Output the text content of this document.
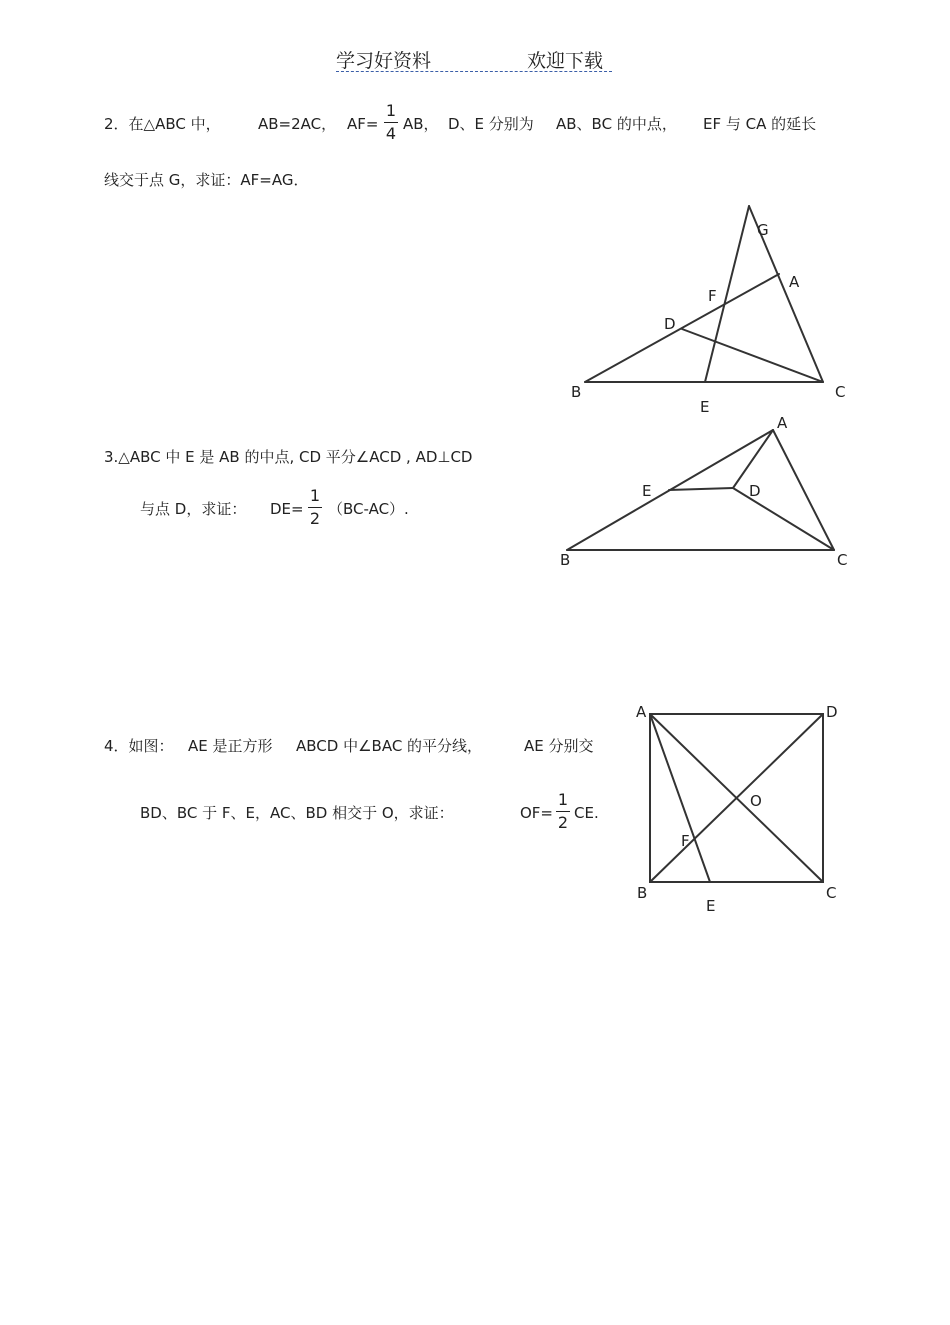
学习好资料	欢迎下载
2．在△ABC 中， AB=2AC， AF=
1
4 AB， D、E 分别为 AB、BC 的中点， EF 与 CA 的延长
线交于点 G，求证：AF=AG．
3.△ABC 中 E 是 AB 的中点, CD 平分∠ACD , AD⊥CD
与点 D，求证： DE=
1
2 （BC-AC）.
4．如图： AE 是正方形 ABCD 中∠BAC 的平分线，	AE 分别交
BD、BC 于 F、E，AC、BD 相交于 O，求证：	OF=
1
2 CE.
G
A
F
D
B	C
E
A
E	D
B	C
A	D
O
F
B
E
C
